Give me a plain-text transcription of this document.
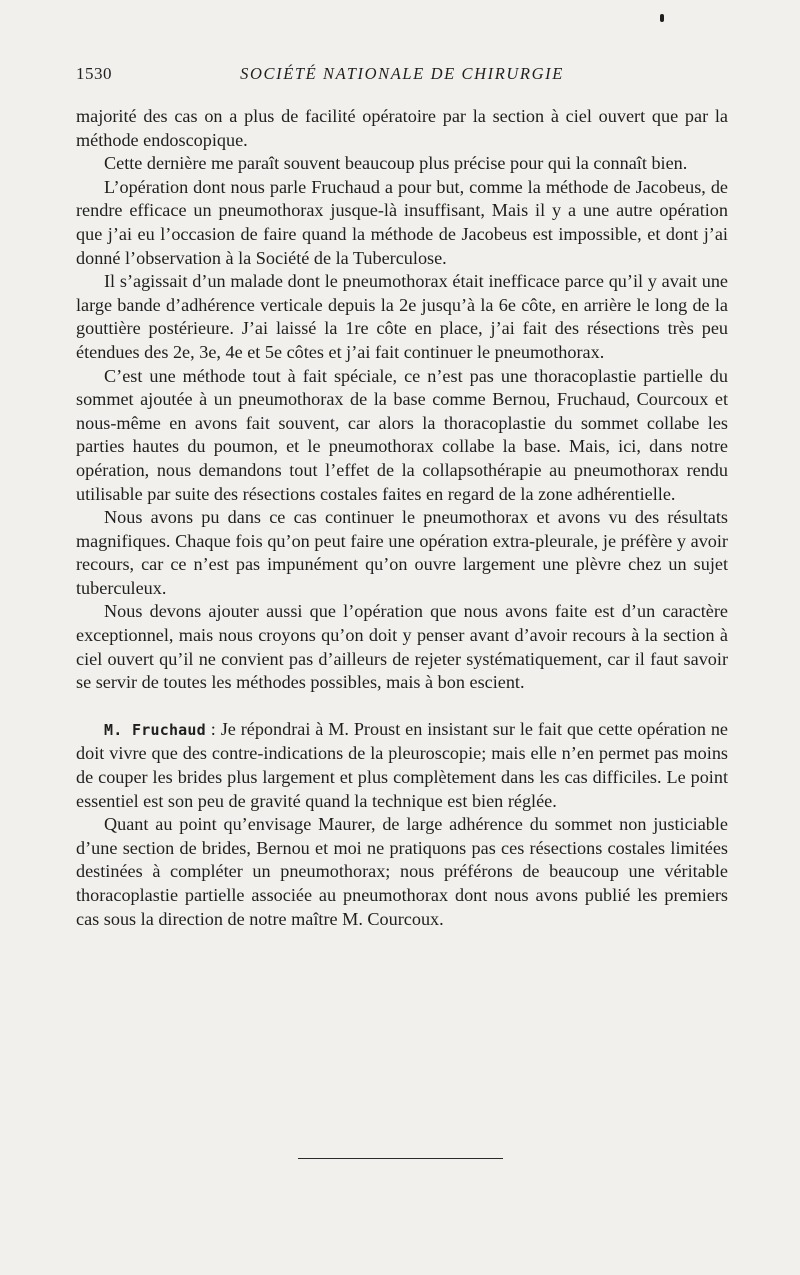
1530	SOCIÉTÉ NATIONALE DE CHIRURGIE

majorité des cas on a plus de facilité opératoire par la section à ciel ouvert que par la méthode endoscopique.

Cette dernière me paraît souvent beaucoup plus précise pour qui la connaît bien.

L’opération dont nous parle Fruchaud a pour but, comme la méthode de Jacobeus, de rendre efficace un pneumothorax jusque-là insuffisant, Mais il y a une autre opération que j’ai eu l’occasion de faire quand la méthode de Jacobeus est impossible, et dont j’ai donné l’observation à la Société de la Tuberculose.

Il s’agissait d’un malade dont le pneumothorax était inefficace parce qu’il y avait une large bande d’adhérence verticale depuis la 2e jusqu’à la 6e côte, en arrière le long de la gouttière postérieure. J’ai laissé la 1re côte en place, j’ai fait des résections très peu étendues des 2e, 3e, 4e et 5e côtes et j’ai fait continuer le pneumothorax.

C’est une méthode tout à fait spéciale, ce n’est pas une thoracoplastie partielle du sommet ajoutée à un pneumothorax de la base comme Bernou, Fruchaud, Courcoux et nous-même en avons fait souvent, car alors la thoracoplastie du sommet collabe les parties hautes du poumon, et le pneumothorax collabe la base. Mais, ici, dans notre opération, nous demandons tout l’effet de la collapsothérapie au pneumothorax rendu utilisable par suite des résections costales faites en regard de la zone adhérentielle.

Nous avons pu dans ce cas continuer le pneumothorax et avons vu des résultats magnifiques. Chaque fois qu’on peut faire une opération extra-pleurale, je préfère y avoir recours, car ce n’est pas impunément qu’on ouvre largement une plèvre chez un sujet tuberculeux.

Nous devons ajouter aussi que l’opération que nous avons faite est d’un caractère exceptionnel, mais nous croyons qu’on doit y penser avant d’avoir recours à la section à ciel ouvert qu’il ne convient pas d’ailleurs de rejeter systématiquement, car il faut savoir se servir de toutes les méthodes possibles, mais à bon escient.

M. Fruchaud : Je répondrai à M. Proust en insistant sur le fait que cette opération ne doit vivre que des contre-indications de la pleuroscopie; mais elle n’en permet pas moins de couper les brides plus largement et plus complètement dans les cas difficiles. Le point essentiel est son peu de gravité quand la technique est bien réglée.

Quant au point qu’envisage Maurer, de large adhérence du sommet non justiciable d’une section de brides, Bernou et moi ne pratiquons pas ces résections costales limitées destinées à compléter un pneumothorax; nous préférons de beaucoup une véritable thoracoplastie partielle associée au pneumothorax dont nous avons publié les premiers cas sous la direction de notre maître M. Courcoux.
